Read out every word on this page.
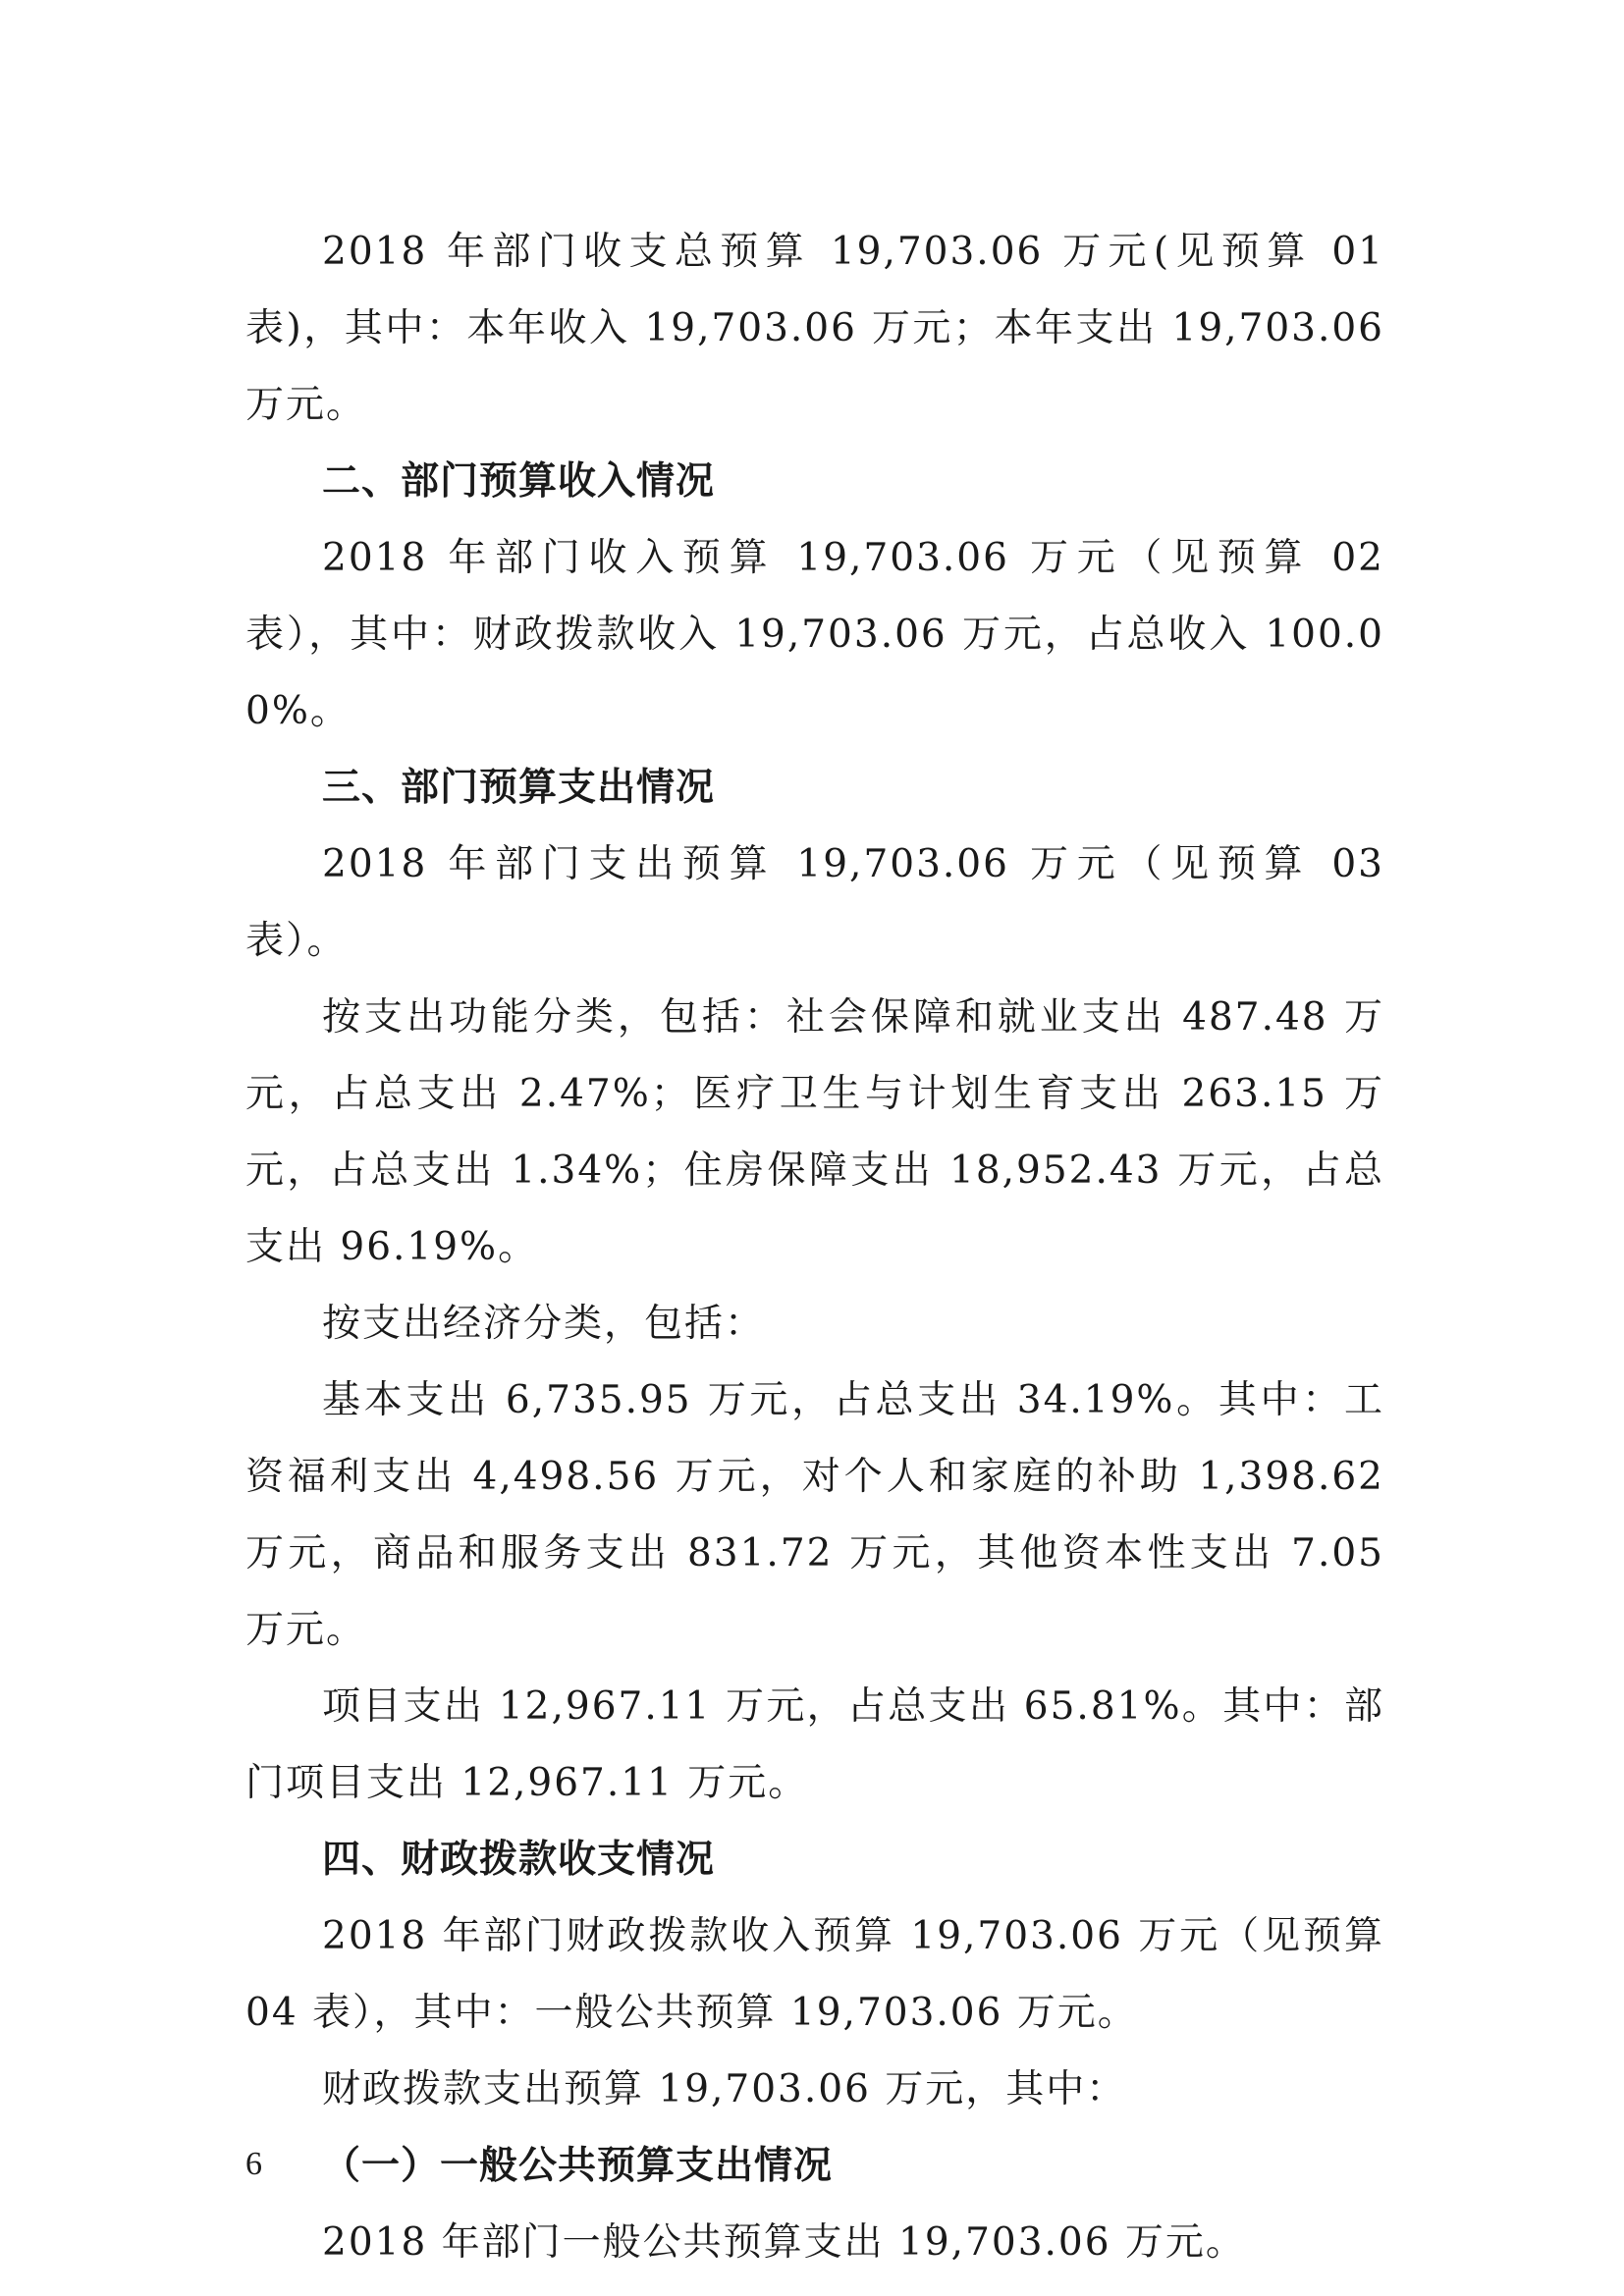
2018 年部门收支总预算 19,703.06 万元(见预算 01 表)，其中：本年收入 19,703.06 万元；本年支出 19,703.06 万元。

二、部门预算收入情况

2018 年部门收入预算 19,703.06 万元（见预算 02 表），其中：财政拨款收入 19,703.06 万元，占总收入 100.00%。

三、部门预算支出情况

2018 年部门支出预算 19,703.06 万元（见预算 03 表）。

按支出功能分类，包括：社会保障和就业支出 487.48 万元，占总支出 2.47%；医疗卫生与计划生育支出 263.15 万元，占总支出 1.34%；住房保障支出 18,952.43 万元，占总支出 96.19%。

按支出经济分类，包括：

基本支出 6,735.95 万元，占总支出 34.19%。其中：工资福利支出 4,498.56 万元，对个人和家庭的补助 1,398.62 万元，商品和服务支出 831.72 万元，其他资本性支出 7.05 万元。

项目支出 12,967.11 万元，占总支出 65.81%。其中：部门项目支出 12,967.11 万元。

四、财政拨款收支情况

2018 年部门财政拨款收入预算 19,703.06 万元（见预算 04 表），其中：一般公共预算 19,703.06 万元。

财政拨款支出预算 19,703.06 万元，其中：

（一）一般公共预算支出情况

2018 年部门一般公共预算支出 19,703.06 万元。

6
